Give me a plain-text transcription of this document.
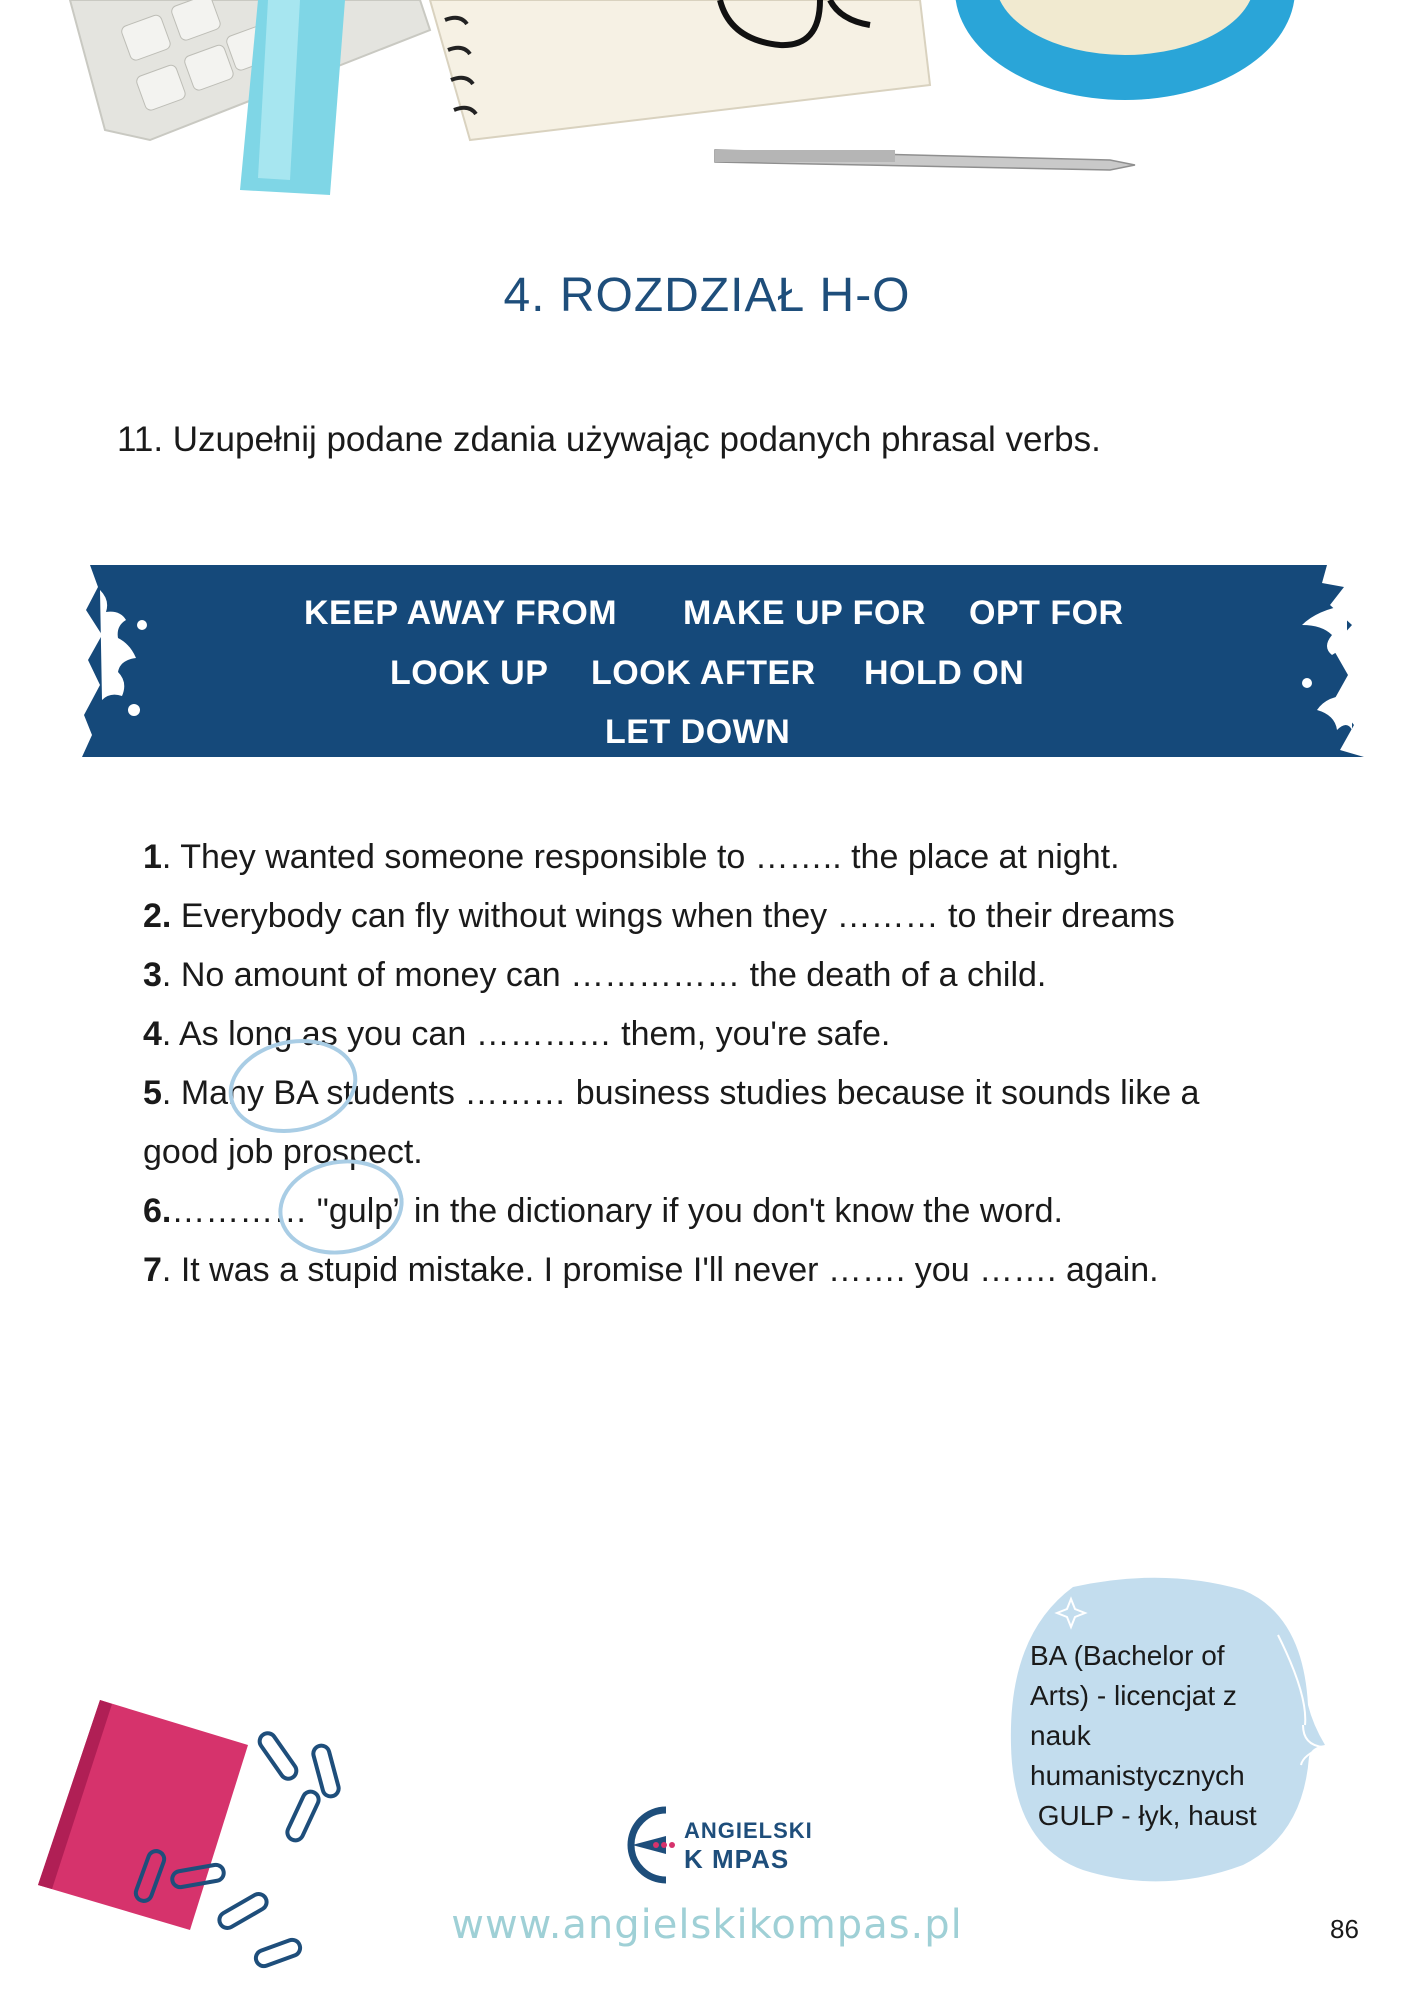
4. ROZDZIAŁ H-O
11. Uzupełnij podane zdania używając podanych phrasal verbs.
KEEP AWAY FROM MAKE UP FOR OPT FOR
LOOK UP LOOK AFTER HOLD ON
LET DOWN
1. They wanted someone responsible to …….. the place at night.
2. Everybody can fly without wings when they ……… to their dreams
3. No amount of money can …………… the death of a child.
4. As long as you can ………… them, you're safe.
5. Many BA students ……… business studies because it sounds like a
good job prospect.
6.………… "gulp” in the dictionary if you don't know the word.
7. It was a stupid mistake. I promise I'll never ……. you ……. again.
BA (Bachelor of
Arts) - licencjat z
nauk
humanistycznych
GULP - łyk, haust
ANGIELSKI
K MPAS
www.angielskikompas.pl	86
